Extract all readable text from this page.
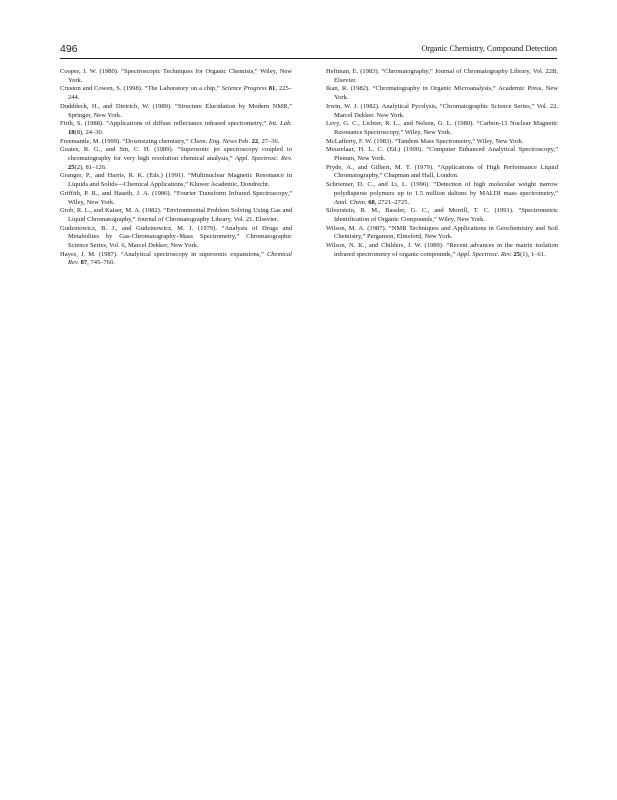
496	Organic Chemistry, Compound Detection

Cooper, J. W. (1980). “Spectroscopic Techniques for Organic Chemists,” Wiley, New York.

Cruston and Cowen, S. (1998). “The Laboratory on a chip,” Science Progress 81, 225–244.

Dudddeck, H., and Dietrich, W. (1989). “Structure Elucidation by Modern NMR,” Springer, New York.

Firth, S. (1988). “Applications of diffuse reflectance infrared spectrometry,” Int. Lab. 18(8), 24–30.

Freemantle, M. (1999). “Downsizing chemistry,” Chem. Eng. News Feb. 22, 27–36.

Goates, R. G., and Sin, C. H. (1989). “Supersonic jet spectroscopy coupled to chromatography for very high resolution chemical analysis,” Appl. Spectrosc. Rev. 25(2), 81–126.

Granger, P., and Harris, R. K. (Eds.) (1991). “Multinuclear Magnetic Resonance in Liquids and Solids—Chemical Applications,” Kluwer Academic, Dondrecht.

Griffith, P. R., and Haseth, J. A. (1986). “Fourier Transform Infrared Spectroscopy,” Wiley, New York.

Grob, R. L., and Kaiser, M. A. (1982). “Environmental Problem Solving Using Gas and Liquid Chromatography,” Journal of Chromatography Library, Vol. 21. Elsevier.

Gudzinowicz, B. J., and Gudzinowicz, M. J. (1979). “Analysis of Drugs and Metabolites by Gas-Chromatography–Mass Spectrometry,” Chromatographic Science Series, Vol. 6, Marcel Dekker, New York.

Hayes, J. M. (1987). “Analytical spectroscopy in supersonic expansions,” Chemical Rev. 87, 745–760.

Heftman, E. (1983). “Chromatography,” Journal of Chromatography Library, Vol. 22B, Elsevier.

Ikan, R. (1982). “Chromatography in Organic Microanalysis,” Academic Press, New York.

Irwin, W. J. (1982). Analytical Pyrolysis, “Chromatographic Science Series,” Vol. 22. Marcel Dekker. New York.

Levy, G. C., Lichter, R. L., and Nelsen, G. L. (1980). “Carbon-13 Nuclear Magnetic Resonance Spectroscopy,” Wiley, New York.

McLafferty, F. W. (1983). “Tandem Mass Spectrometry,” Wiley, New York.

Meuzelaar, H. L. C. (Ed.) (1990). “Computer Enhanced Analytical Spectroscopy,” Plenum, New York.

Pryde, A., and Gilbert, M. T. (1979). “Applications of High Performance Liquid Chromatography,” Chapman and Hall, London.

Schriemer, D. C., and Li, L. (1996). “Detection of high molecular weight narrow polydisperse polymers up to 1.5 million daltons by MALDI mass spectrometry,” Anal. Chem. 68, 2721–2725.

Silverstein, R. M., Bassler, G. C., and Morrill, T. C. (1991). “Spectrometric Identification of Organic Compounds,” Wiley, New York.

Wilson, M. A. (1987). “NMR Techniques and Applications in Geochemistry and Soil Chemistry,” Pergamon, Elmsford, New York.

Wilson, N. K., and Childers, J. W. (1989). “Recent advances in the matrix isolation infrared spectrometry of organic compounds,” Appl. Spectrosc. Rev. 25(1), 1–61.
